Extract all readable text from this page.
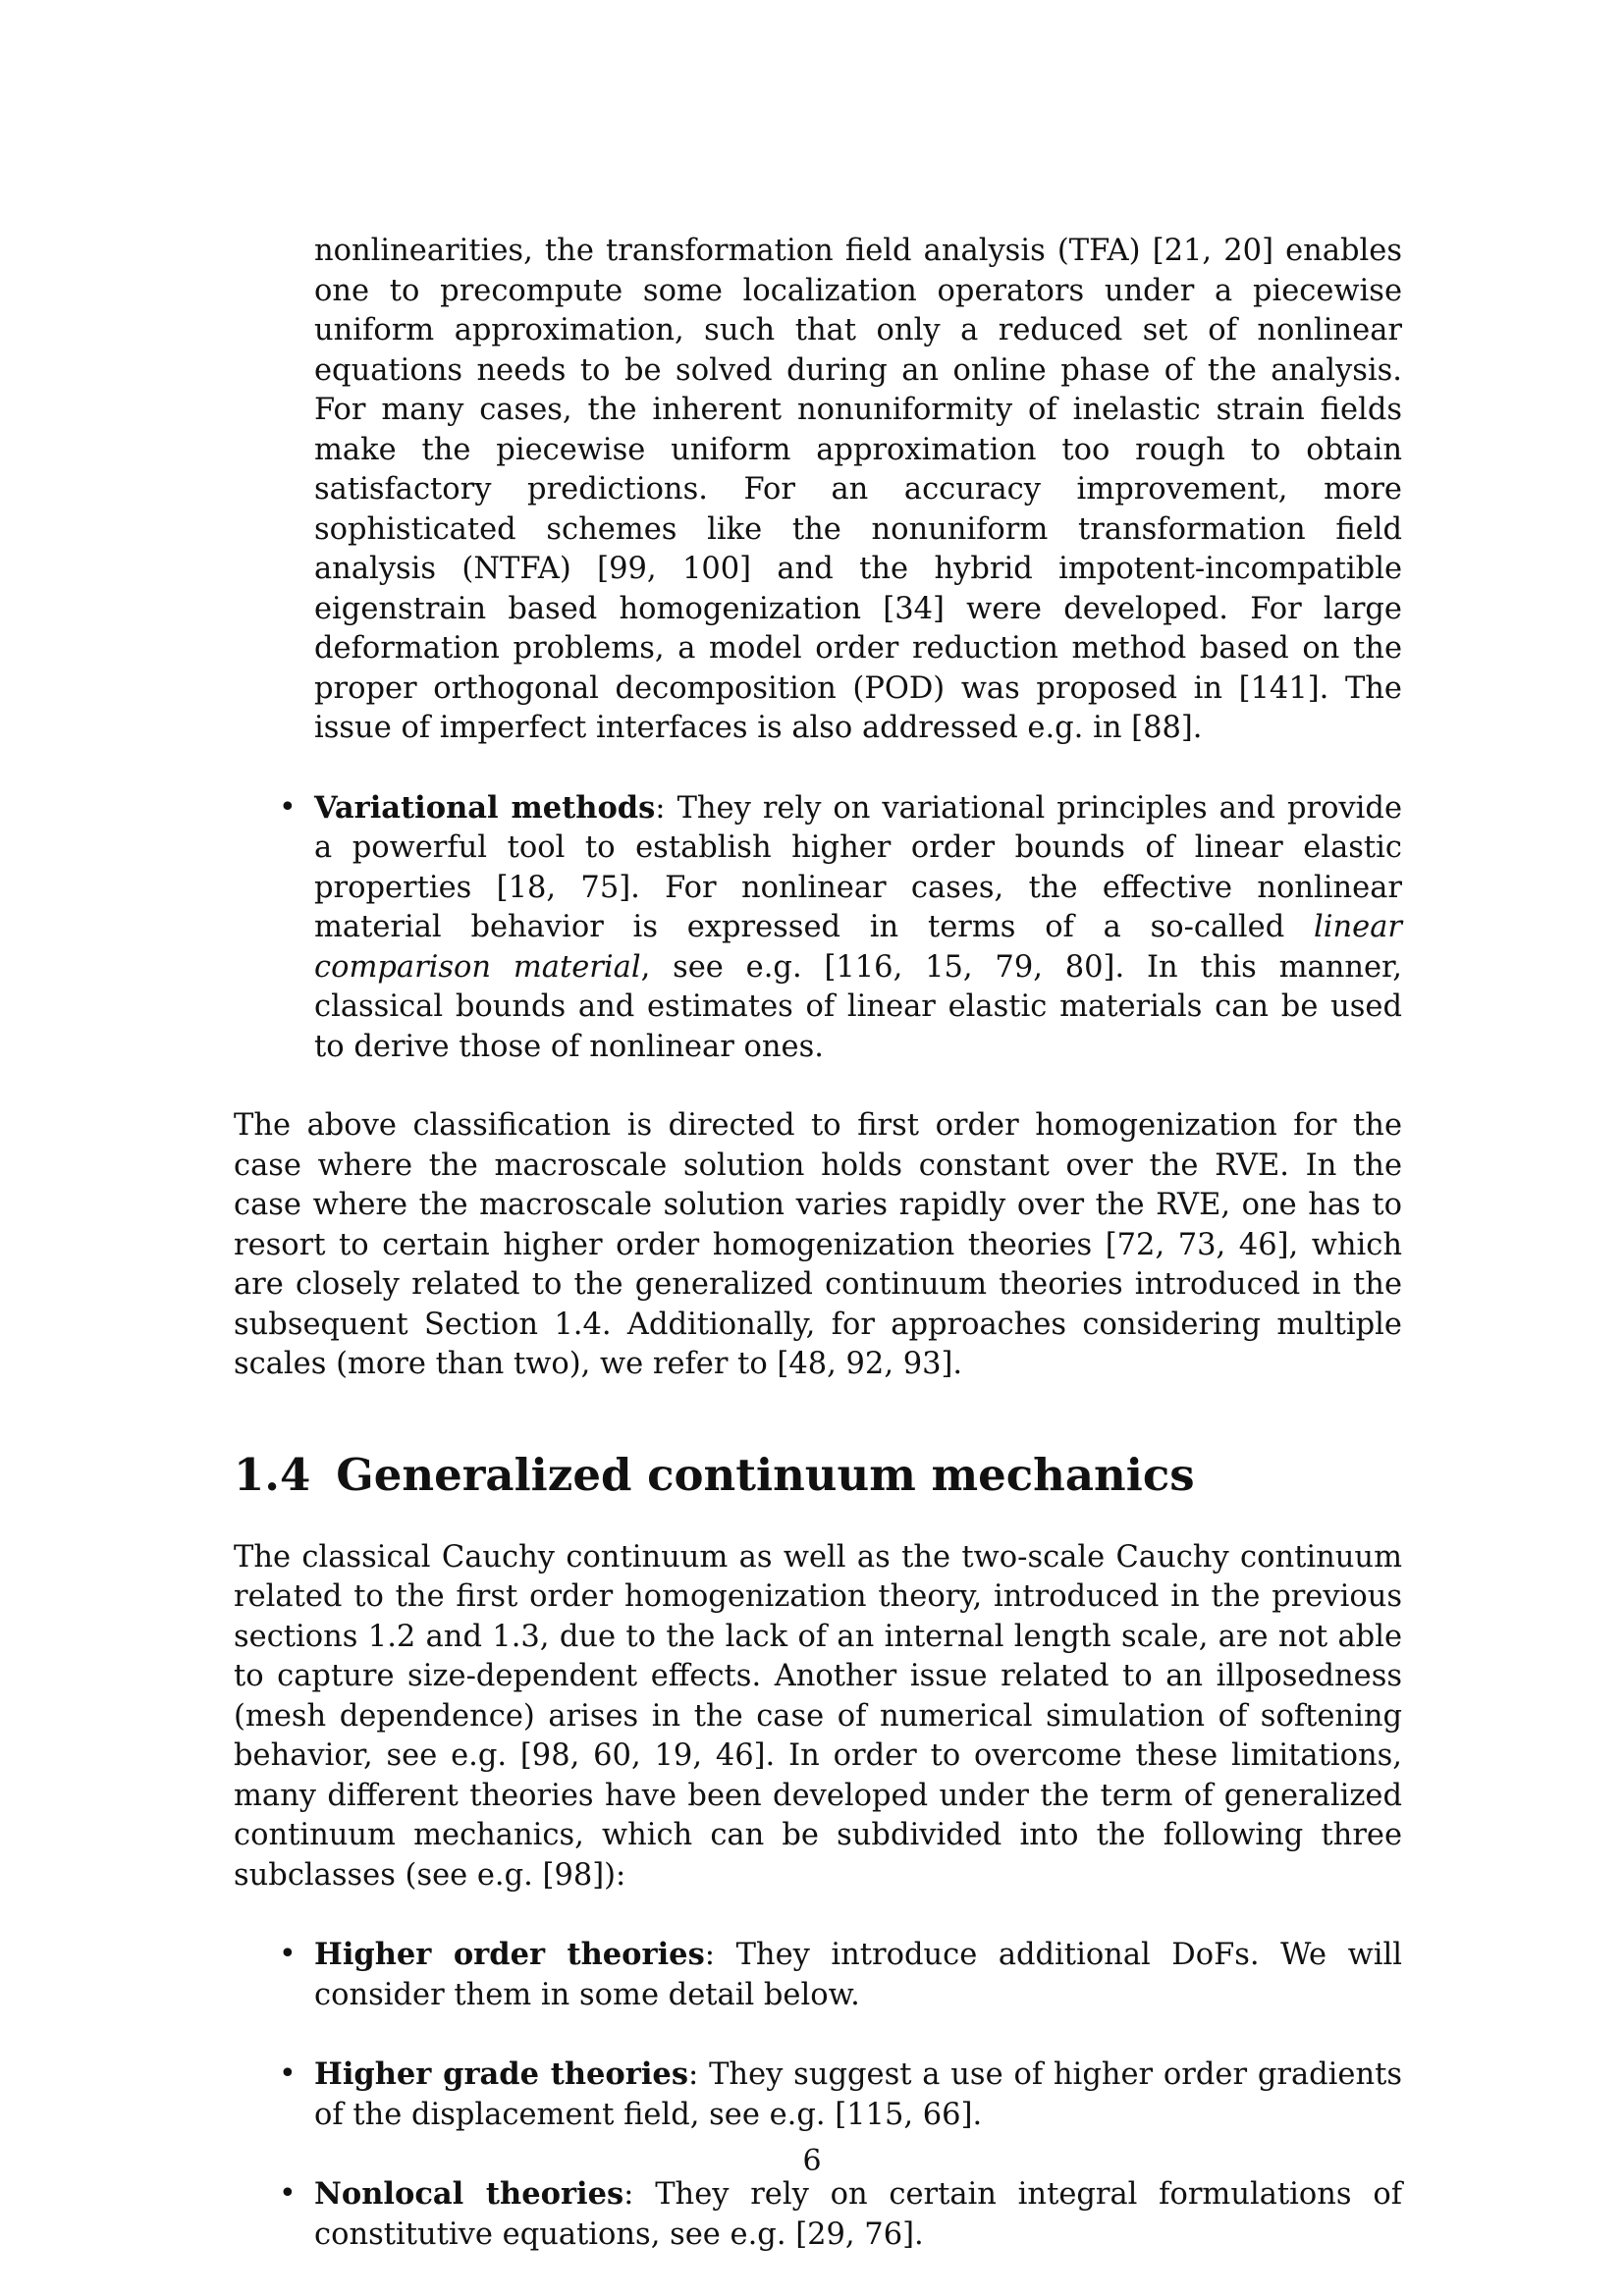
nonlinearities, the transformation field analysis (TFA) [21, 20] enables one to precompute some localization operators under a piecewise uniform approximation, such that only a reduced set of nonlinear equations needs to be solved during an online phase of the analysis. For many cases, the inherent nonuniformity of inelastic strain fields make the piecewise uniform approximation too rough to obtain satisfactory predictions. For an accuracy improvement, more sophisticated schemes like the nonuniform transformation field analysis (NTFA) [99, 100] and the hybrid impotent-incompatible eigenstrain based homogenization [34] were developed. For large deformation problems, a model order reduction method based on the proper orthogonal decomposition (POD) was proposed in [141]. The issue of imperfect interfaces is also addressed e.g. in [88].

• Variational methods: They rely on variational principles and provide a powerful tool to establish higher order bounds of linear elastic properties [18, 75]. For nonlinear cases, the effective nonlinear material behavior is expressed in terms of a so-called linear comparison material, see e.g. [116, 15, 79, 80]. In this manner, classical bounds and estimates of linear elastic materials can be used to derive those of nonlinear ones.

The above classification is directed to first order homogenization for the case where the macroscale solution holds constant over the RVE. In the case where the macroscale solution varies rapidly over the RVE, one has to resort to certain higher order homogenization theories [72, 73, 46], which are closely related to the generalized continuum theories introduced in the subsequent Section 1.4. Additionally, for approaches considering multiple scales (more than two), we refer to [48, 92, 93].

1.4 Generalized continuum mechanics

The classical Cauchy continuum as well as the two-scale Cauchy continuum related to the first order homogenization theory, introduced in the previous sections 1.2 and 1.3, due to the lack of an internal length scale, are not able to capture size-dependent effects. Another issue related to an illposedness (mesh dependence) arises in the case of numerical simulation of softening behavior, see e.g. [98, 60, 19, 46]. In order to overcome these limitations, many different theories have been developed under the term of generalized continuum mechanics, which can be subdivided into the following three subclasses (see e.g. [98]):

• Higher order theories: They introduce additional DoFs. We will consider them in some detail below.
• Higher grade theories: They suggest a use of higher order gradients of the displacement field, see e.g. [115, 66].
• Nonlocal theories: They rely on certain integral formulations of constitutive equations, see e.g. [29, 76].
6
